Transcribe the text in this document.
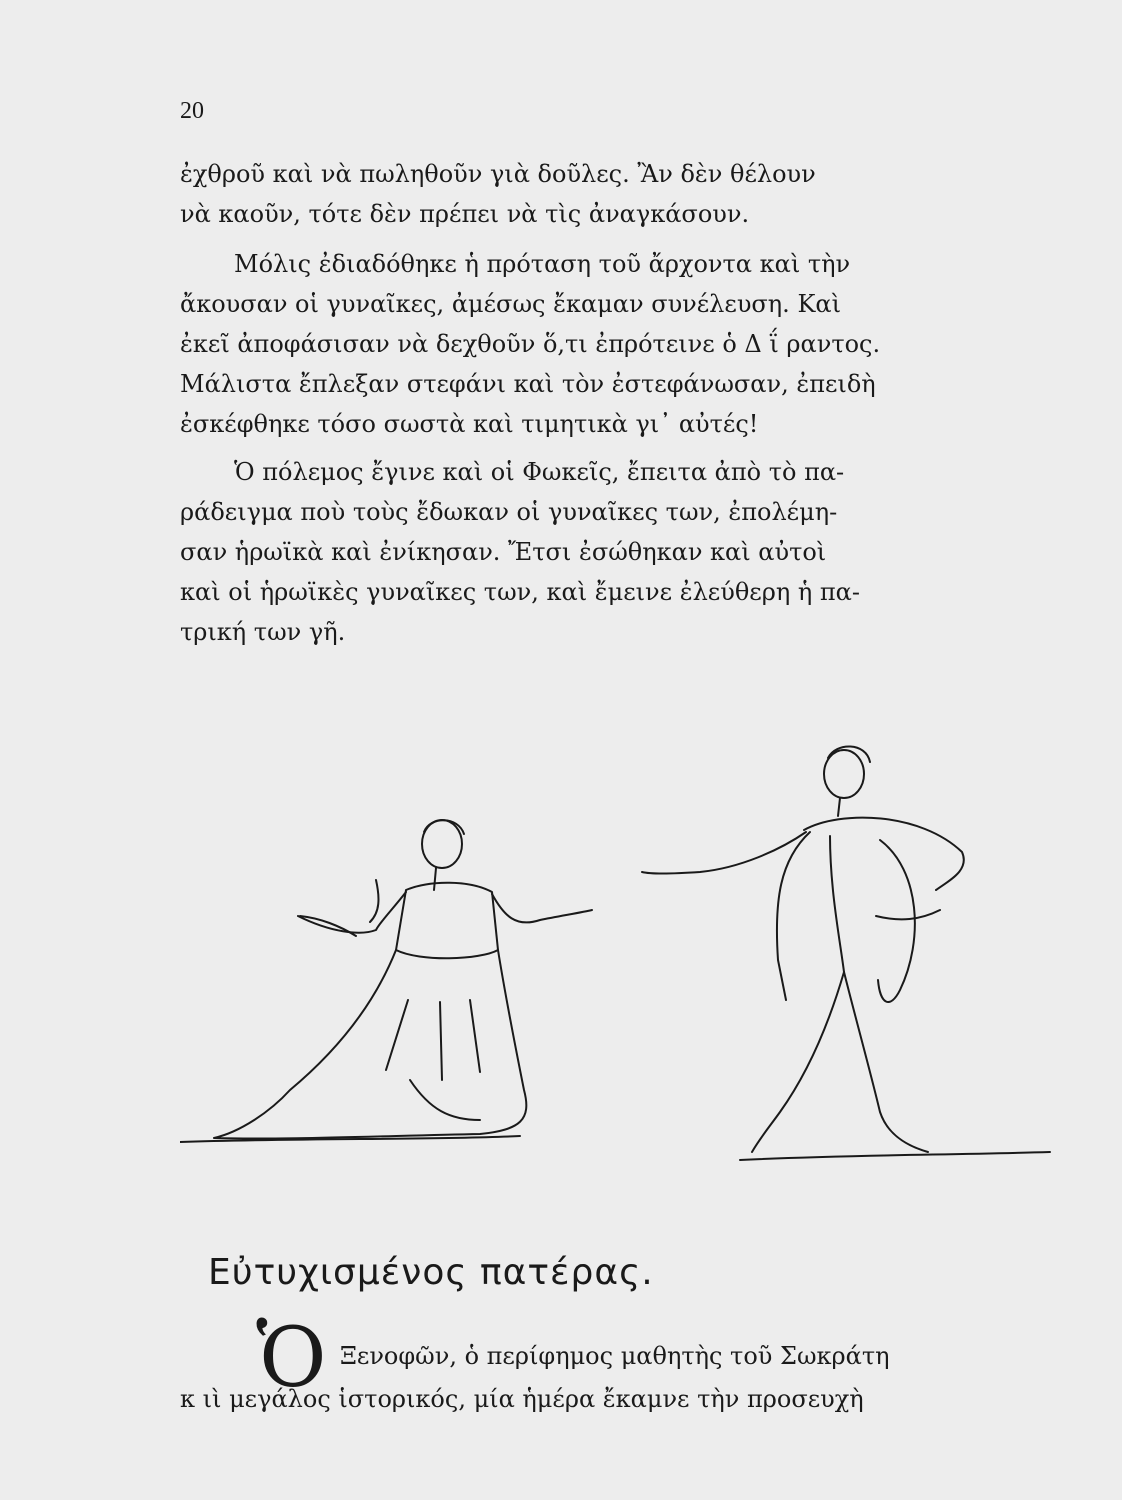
20
ἐχθροῦ καὶ νὰ πωληθοῦν γιὰ δοῦλες. Ἂν δὲν θέλουν
νὰ καοῦν, τότε δὲν πρέπει νὰ τὶς ἀναγκάσουν.
Μόλις ἐδιαδόθηκε ἡ πρόταση τοῦ ἄρχοντα καὶ τὴν
ἄκουσαν οἱ γυναῖκες, ἀμέσως ἔκαμαν συνέλευση. Καὶ
ἐκεῖ ἀποφάσισαν νὰ δεχθοῦν ὅ,τι ἐπρότεινε ὁ Δ ΐ ραντος.
Μάλιστα ἔπλεξαν στεφάνι καὶ τὸν ἐστεφάνωσαν, ἐπειδὴ
ἐσκέφθηκε τόσο σωστὰ καὶ τιμητικὰ γι᾿ αὐτές!
Ὁ πόλεμος ἔγινε καὶ οἱ Φωκεῖς, ἔπειτα ἀπὸ τὸ πα-
ράδειγμα ποὺ τοὺς ἔδωκαν οἱ γυναῖκες των, ἐπολέμη-
σαν ἡρωϊκὰ καὶ ἐνίκησαν. Ἔτσι ἐσώθηκαν καὶ αὐτοὶ
καὶ οἱ ἡρωϊκὲς γυναῖκες των, καὶ ἔμεινε ἐλεύθερη ἡ πα-
τρική των γῆ.
Εὐτυχισμένος πατέρας.
Ὁ Ξενοφῶν, ὁ περίφημος μαθητὴς τοῦ Σωκράτη
κ ιὶ μεγάλος ἱστορικός, μία ἡμέρα ἔκαμνε τὴν προσευχὴ
